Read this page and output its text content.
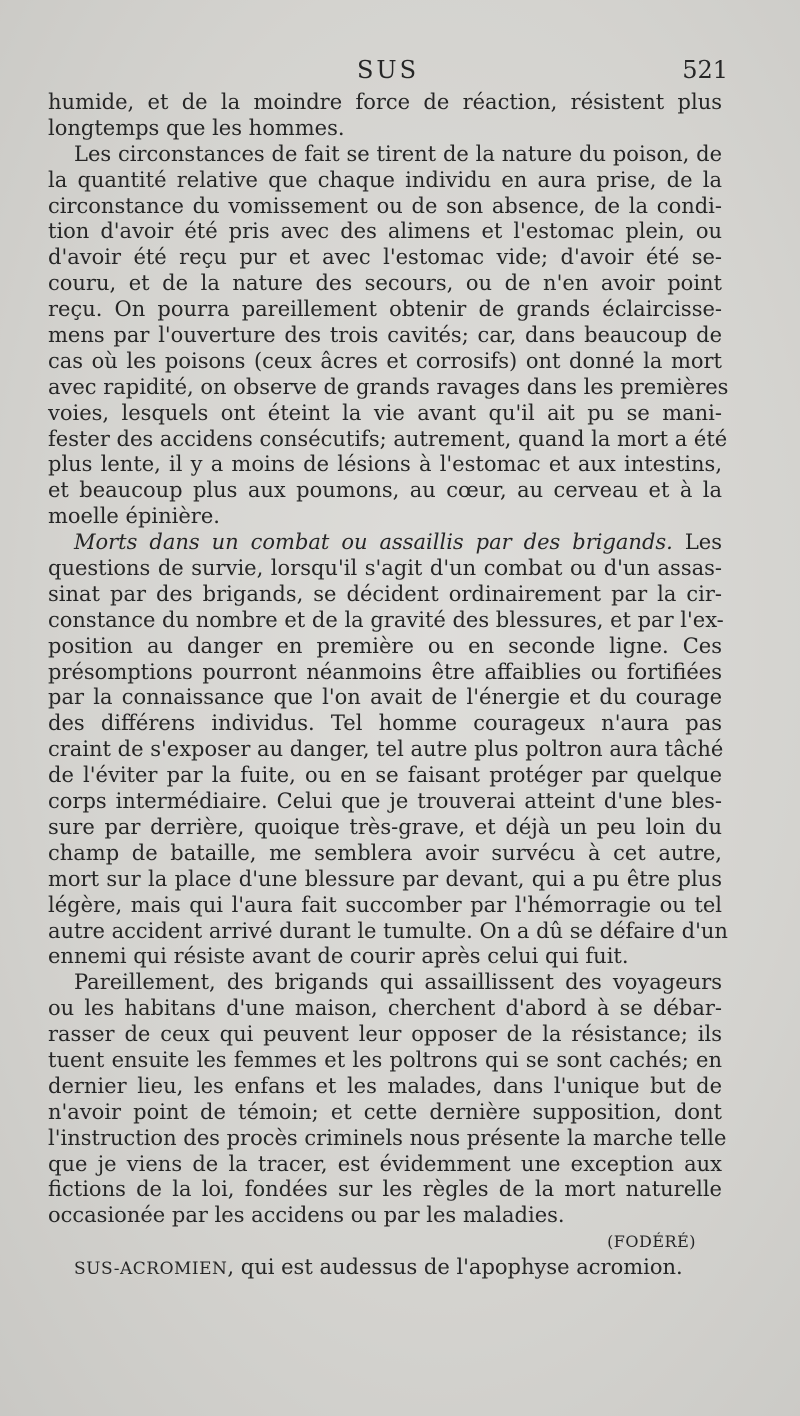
SUS	521
humide, et de la moindre force de réaction, résistent plus
longtemps que les hommes.
Les circonstances de fait se tirent de la nature du poison, de
la quantité relative que chaque individu en aura prise, de la
circonstance du vomissement ou de son absence, de la condi-
tion d'avoir été pris avec des alimens et l'estomac plein, ou
d'avoir été reçu pur et avec l'estomac vide; d'avoir été se-
couru, et de la nature des secours, ou de n'en avoir point
reçu. On pourra pareillement obtenir de grands éclaircisse-
mens par l'ouverture des trois cavités; car, dans beaucoup de
cas où les poisons (ceux âcres et corrosifs) ont donné la mort
avec rapidité, on observe de grands ravages dans les premières
voies, lesquels ont éteint la vie avant qu'il ait pu se mani-
fester des accidens consécutifs; autrement, quand la mort a été
plus lente, il y a moins de lésions à l'estomac et aux intestins,
et beaucoup plus aux poumons, au cœur, au cerveau et à la
moelle épinière.
Morts dans un combat ou assaillis par des brigands. Les
questions de survie, lorsqu'il s'agit d'un combat ou d'un assas-
sinat par des brigands, se décident ordinairement par la cir-
constance du nombre et de la gravité des blessures, et par l'ex-
position au danger en première ou en seconde ligne. Ces
présomptions pourront néanmoins être affaiblies ou fortifiées
par la connaissance que l'on avait de l'énergie et du courage
des différens individus. Tel homme courageux n'aura pas
craint de s'exposer au danger, tel autre plus poltron aura tâché
de l'éviter par la fuite, ou en se faisant protéger par quelque
corps intermédiaire. Celui que je trouverai atteint d'une bles-
sure par derrière, quoique très-grave, et déjà un peu loin du
champ de bataille, me semblera avoir survécu à cet autre,
mort sur la place d'une blessure par devant, qui a pu être plus
légère, mais qui l'aura fait succomber par l'hémorragie ou tel
autre accident arrivé durant le tumulte. On a dû se défaire d'un
ennemi qui résiste avant de courir après celui qui fuit.
Pareillement, des brigands qui assaillissent des voyageurs
ou les habitans d'une maison, cherchent d'abord à se débar-
rasser de ceux qui peuvent leur opposer de la résistance; ils
tuent ensuite les femmes et les poltrons qui se sont cachés; en
dernier lieu, les enfans et les malades, dans l'unique but de
n'avoir point de témoin; et cette dernière supposition, dont
l'instruction des procès criminels nous présente la marche telle
que je viens de la tracer, est évidemment une exception aux
fictions de la loi, fondées sur les règles de la mort naturelle
occasionée par les accidens ou par les maladies.
(FODÉRÉ)
SUS-ACROMIEN, qui est audessus de l'apophyse acromion.
